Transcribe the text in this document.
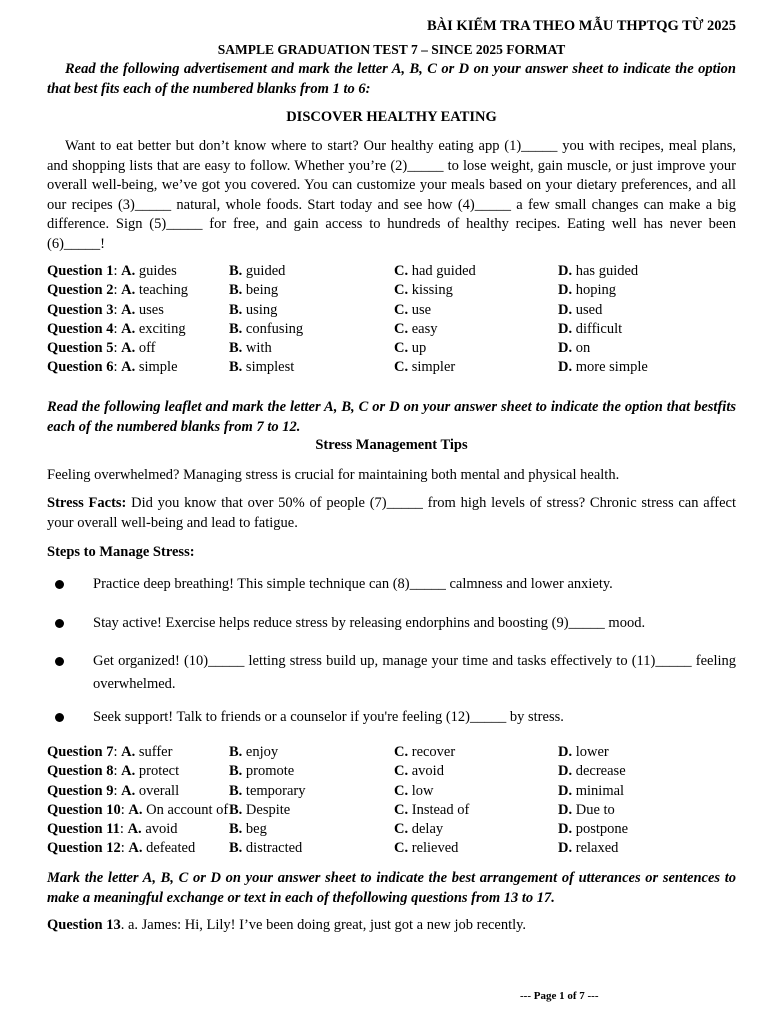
BÀI KIỂM TRA THEO MẪU THPTQG TỪ 2025
SAMPLE GRADUATION TEST 7 – SINCE 2025 FORMAT
Read the following advertisement and mark the letter A, B, C or D on your answer sheet to indicate the option that best fits each of the numbered blanks from 1 to 6:
DISCOVER HEALTHY EATING
Want to eat better but don’t know where to start? Our healthy eating app (1)_____ you with recipes, meal plans, and shopping lists that are easy to follow. Whether you’re (2)_____ to lose weight, gain muscle, or just improve your overall well-being, we’ve got you covered. You can customize your meals based on your dietary preferences, and all our recipes (3)_____ natural, whole foods. Start today and see how (4)_____ a few small changes can make a big difference. Sign (5)_____ for free, and gain access to hundreds of healthy recipes. Eating well has never been (6)_____!
Question 1: A. guides	B. guided	C. had guided	D. has guided
Question 2: A. teaching	B. being	C. kissing	D. hoping
Question 3: A. uses	B. using	C. use	D. used
Question 4: A. exciting	B. confusing	C. easy	D. difficult
Question 5: A. off	B. with	C. up	D. on
Question 6: A. simple	B. simplest	C. simpler	D. more simple
Read the following leaflet and mark the letter A, B, C or D on your answer sheet to indicate the option that bestfits each of the numbered blanks from 7 to 12.
Stress Management Tips
Feeling overwhelmed? Managing stress is crucial for maintaining both mental and physical health.
Stress Facts: Did you know that over 50% of people (7)_____ from high levels of stress? Chronic stress can affect your overall well-being and lead to fatigue.
Steps to Manage Stress:
Practice deep breathing! This simple technique can (8)_____ calmness and lower anxiety.
Stay active! Exercise helps reduce stress by releasing endorphins and boosting (9)_____ mood.
Get organized! (10)_____ letting stress build up, manage your time and tasks effectively to (11)_____ feeling overwhelmed.
Seek support! Talk to friends or a counselor if you're feeling (12)_____ by stress.
Question 7: A. suffer	B. enjoy	C. recover	D. lower
Question 8: A. protect	B. promote	C. avoid	D. decrease
Question 9: A. overall	B. temporary	C. low	D. minimal
Question 10: A. On account of B. Despite	C. Instead of	D. Due to
Question 11: A. avoid	B. beg	C. delay	D. postpone
Question 12: A. defeated B. distracted	C. relieved	D. relaxed
Mark the letter A, B, C or D on your answer sheet to indicate the best arrangement of utterances or sentences to make a meaningful exchange or text in each of thefollowing questions from 13 to 17.
Question 13. a. James: Hi, Lily! I’ve been doing great, just got a new job recently.
--- Page 1 of 7 ---
